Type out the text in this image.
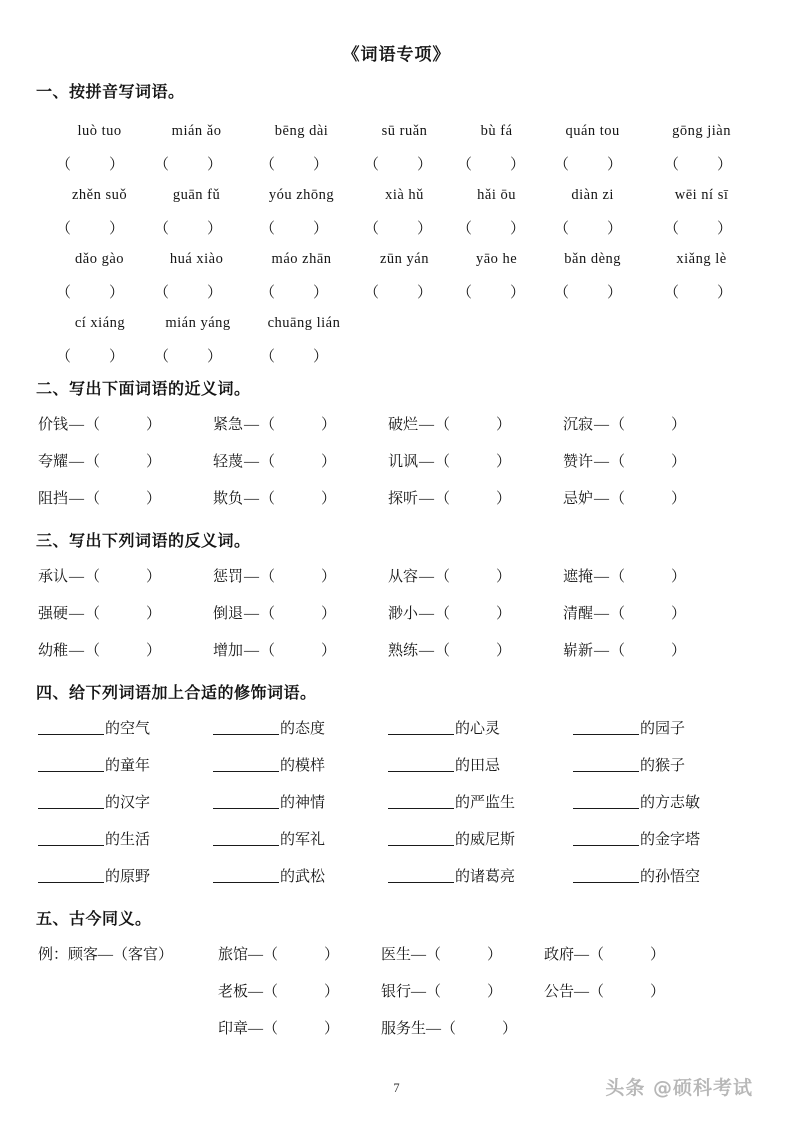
《词语专项》
一、按拼音写词语。
luò tuo	mián ǎo	bēng dài	sū ruǎn	bù fá	quán tou	gōng jiàn
（	）	（	）	（	）	（	）	（	）	（	）	（	）
zhěn suǒ	guān fǔ	yóu zhōng	xià hǔ	hǎi ōu	diàn zi	wēi ní sī
（	）	（	）	（	）	（	）	（	）	（	）	（	）
dǎo gào	huá xiào	máo zhān	zūn yán	yāo he	bǎn dèng	xiǎng lè
（	）	（	）	（	）	（	）	（	）	（	）	（	）
cí xiáng	mián yáng	chuāng lián
（	）	（	）	（	）
二、写出下面词语的近义词。
价钱—（	）	紧急—（	）	破烂—（	）	沉寂—（	）
夸耀—（	）	轻蔑—（	）	讥讽—（	）	赞许—（	）
阻挡—（	）	欺负—（	）	探听—（	）	忌妒—（	）
三、写出下列词语的反义词。
承认—（	）	惩罚—（	）	从容—（	）	遮掩—（	）
强硬—（	）	倒退—（	）	渺小—（	）	清醒—（	）
幼稚—（	）	增加—（	）	熟练—（	）	崭新—（	）
四、给下列词语加上合适的修饰词语。
的空气	的态度	的心灵	的园子
的童年	的模样	的田忌	的猴子
的汉字	的神情	的严监生	的方志敏
的生活	的军礼	的威尼斯	的金字塔
的原野	的武松	的诸葛亮	的孙悟空
五、古今同义。
例：顾客—（客官）	旅馆—（	）	医生—（	）	政府—（	）
老板—（	）	银行—（	）	公告—（	）
印章—（	）	服务生—（	）
7	头条 @硕科考试
